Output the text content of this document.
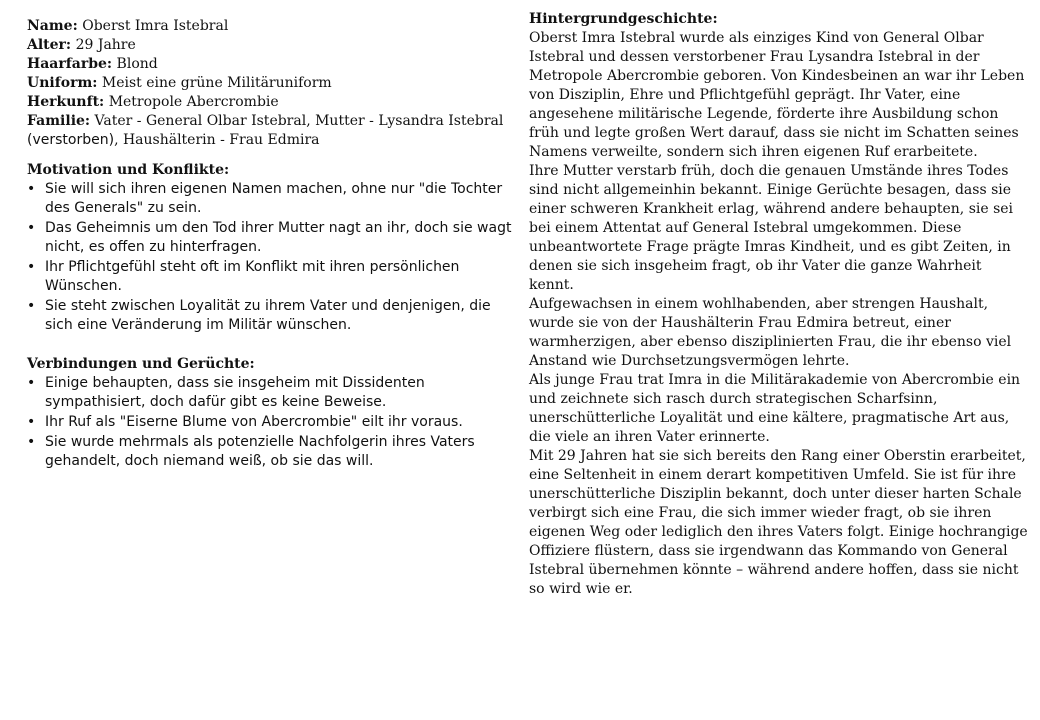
Name: Oberst Imra Istebral

Alter: 29 Jahre

Haarfarbe: Blond

Uniform: Meist eine grüne Militäruniform

Herkunft: Metropole Abercrombie

Familie: Vater - General Olbar Istebral, Mutter - Lysandra Istebral (verstorben), Haushälterin - Frau Edmira

Motivation und Konflikte:

• Sie will sich ihren eigenen Namen machen, ohne nur "die Tochter des Generals" zu sein.
• Das Geheimnis um den Tod ihrer Mutter nagt an ihr, doch sie wagt nicht, es offen zu hinterfragen.
• Ihr Pflichtgefühl steht oft im Konflikt mit ihren persönlichen Wünschen.
• Sie steht zwischen Loyalität zu ihrem Vater und denjenigen, die sich eine Veränderung im Militär wünschen.

Verbindungen und Gerüchte:

• Einige behaupten, dass sie insgeheim mit Dissidenten sympathisiert, doch dafür gibt es keine Beweise.
• Ihr Ruf als "Eiserne Blume von Abercrombie" eilt ihr voraus.
• Sie wurde mehrmals als potenzielle Nachfolgerin ihres Vaters gehandelt, doch niemand weiß, ob sie das will.

Hintergrundgeschichte:

Oberst Imra Istebral wurde als einziges Kind von General Olbar Istebral und dessen verstorbener Frau Lysandra Istebral in der Metropole Abercrombie geboren. Von Kindesbeinen an war ihr Leben von Disziplin, Ehre und Pflichtgefühl geprägt. Ihr Vater, eine angesehene militärische Legende, förderte ihre Ausbildung schon früh und legte großen Wert darauf, dass sie nicht im Schatten seines Namens verweilte, sondern sich ihren eigenen Ruf erarbeitete.

Ihre Mutter verstarb früh, doch die genauen Umstände ihres Todes sind nicht allgemeinhin bekannt. Einige Gerüchte besagen, dass sie einer schweren Krankheit erlag, während andere behaupten, sie sei bei einem Attentat auf General Istebral umgekommen. Diese unbeantwortete Frage prägte Imras Kindheit, und es gibt Zeiten, in denen sie sich insgeheim fragt, ob ihr Vater die ganze Wahrheit kennt.

Aufgewachsen in einem wohlhabenden, aber strengen Haushalt, wurde sie von der Haushälterin Frau Edmira betreut, einer warmherzigen, aber ebenso disziplinierten Frau, die ihr ebenso viel Anstand wie Durchsetzungsvermögen lehrte.

Als junge Frau trat Imra in die Militärakademie von Abercrombie ein und zeichnete sich rasch durch strategischen Scharfsinn, unerschütterliche Loyalität und eine kältere, pragmatische Art aus, die viele an ihren Vater erinnerte.

Mit 29 Jahren hat sie sich bereits den Rang einer Oberstin erarbeitet, eine Seltenheit in einem derart kompetitiven Umfeld. Sie ist für ihre unerschütterliche Disziplin bekannt, doch unter dieser harten Schale verbirgt sich eine Frau, die sich immer wieder fragt, ob sie ihren eigenen Weg oder lediglich den ihres Vaters folgt. Einige hochrangige Offiziere flüstern, dass sie irgendwann das Kommando von General Istebral übernehmen könnte – während andere hoffen, dass sie nicht so wird wie er.
